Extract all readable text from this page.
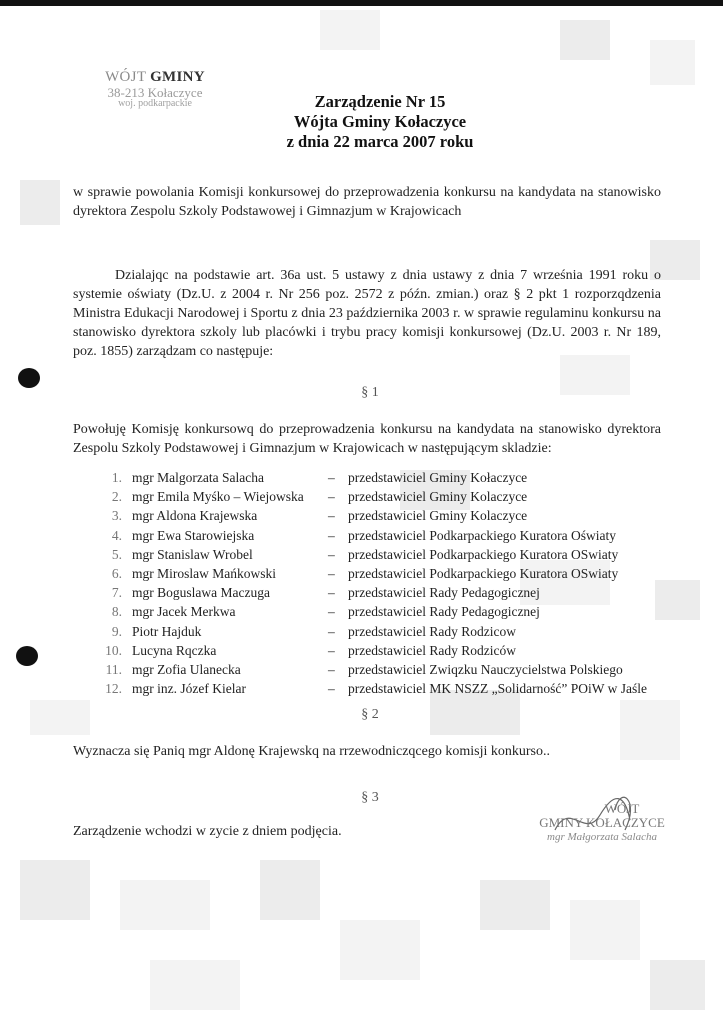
WÓJT GMINY
38-213 Kołaczyce
woj. podkarpackie	Zarządzenie Nr 15
Wójta Gminy Kołaczyce
z dnia 22 marca 2007 roku
w sprawie powolania Komisji konkursowej do przeprowadzenia konkursu na kandydata na stanowisko dyrektora Zespolu Szkoly Podstawowej i Gimnazjum w Krajowicach
Dzialajqc na podstawie art. 36a ust. 5 ustawy z dnia ustawy z dnia 7 września 1991 roku o systemie oświaty (Dz.U. z 2004 r. Nr 256 poz. 2572 z późn. zmian.) oraz § 2 pkt 1 rozporzqdzenia Ministra Edukacji Narodowej i Sportu z dnia 23 października 2003 r. w sprawie regulaminu konkursu na stanowisko dyrektora szkoly lub placówki i trybu pracy komisji konkursowej (Dz.U. 2003 r. Nr 189, poz. 1855) zarządzam co następuje:
§ 1
Powołuję Komisję konkursowq do przeprowadzenia konkursu na kandydata na stanowisko dyrektora Zespolu Szkoly Podstawowej i Gimnazjum w Krajowicach w następującym skladzie:
1. mgr Malgorzata Salacha	– przedstawiciel Gminy Kołaczyce
2. mgr Emila Myśko – Wiejowska	– przedstawiciel Gminy Kolaczyce
3. mgr Aldona Krajewska	– przedstawiciel Gminy Kolaczyce
4. mgr Ewa Starowiejska	– przedstawiciel Podkarpackiego Kuratora Oświaty
5. mgr Stanislaw Wrobel	– przedstawiciel Podkarpackiego Kuratora OSwiaty
6. mgr Miroslaw Mańkowski	– przedstawiciel Podkarpackiego Kuratora OSwiaty
7. mgr Boguslawa Maczuga	– przedstawiciel Rady Pedagogicznej
8. mgr Jacek Merkwa	– przedstawiciel Rady Pedagogicznej
9. Piotr Hajduk	– przedstawiciel Rady Rodzicow
10. Lucyna Rqczka	– przedstawiciel Rady Rodziców
11. mgr Zofia Ulanecka	– przedstawiciel Zwiqzku Nauczycielstwa Polskiego
12. mgr inz. Józef Kielar	– przedstawiciel MK NSZZ „Solidarność” POiW w Jaśle
§ 2
Wyznacza się Paniq mgr Aldonę Krajewskq na rrzewodniczqcego komisji konkurso..
§ 3
Zarządzenie wchodzi w zycie z dniem podjęcia.
WÓJT
GMINY KOŁACZYCE
mgr Małgorzata Salacha
